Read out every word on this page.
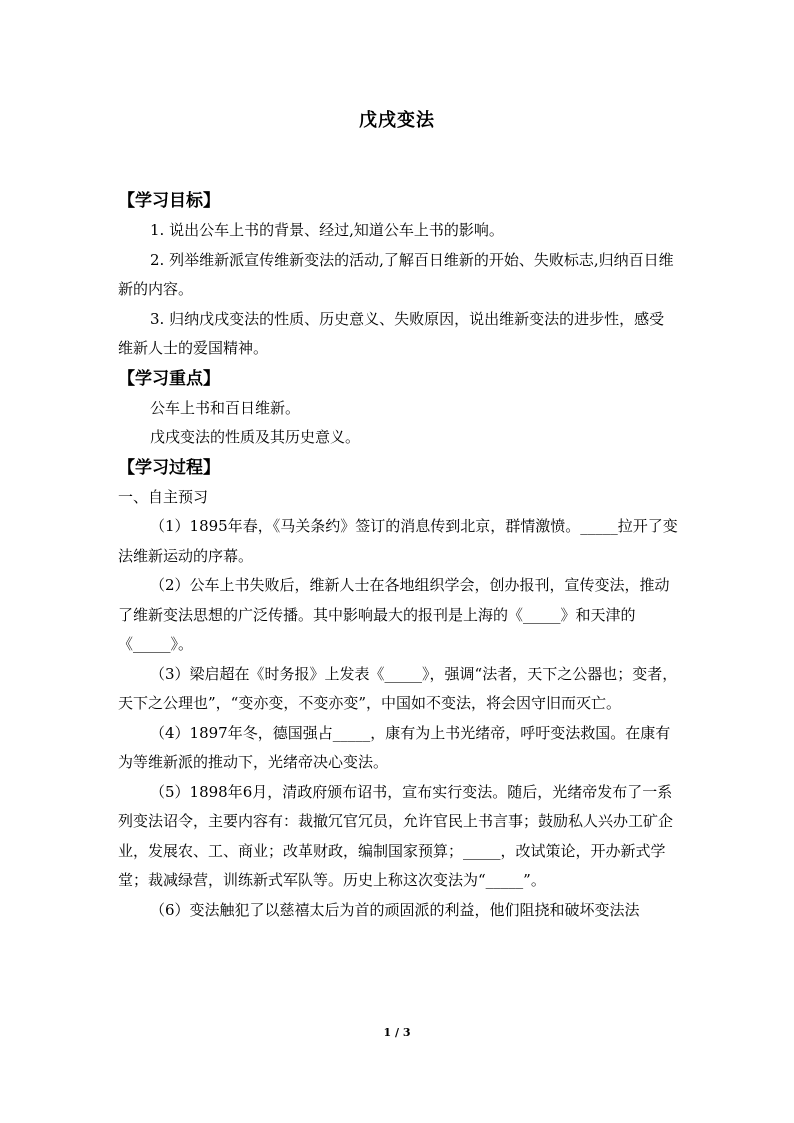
戊戌变法

【学习目标】

1. 说出公车上书的背景、经过,知道公车上书的影响。

2. 列举维新派宣传维新变法的活动,了解百日维新的开始、失败标志,归纳百日维新的内容。

3. 归纳戊戌变法的性质、历史意义、失败原因，说出维新变法的进步性，感受维新人士的爱国精神。

【学习重点】

公车上书和百日维新。

戊戌变法的性质及其历史意义。

【学习过程】

一、自主预习

（1）1895年春，《马关条约》签订的消息传到北京，群情激愤。_____拉开了变法维新运动的序幕。

（2）公车上书失败后，维新人士在各地组织学会，创办报刊，宣传变法，推动了维新变法思想的广泛传播。其中影响最大的报刊是上海的《_____》和天津的《_____》。

（3）梁启超在《时务报》上发表《_____》，强调“法者，天下之公器也；变者，天下之公理也”，“变亦变，不变亦变”，中国如不变法，将会因守旧而灭亡。

（4）1897年冬，德国强占_____，康有为上书光绪帝，呼吁变法救国。在康有为等维新派的推动下，光绪帝决心变法。

（5）1898年6月，清政府颁布诏书，宣布实行变法。随后，光绪帝发布了一系列变法诏令，主要内容有：裁撤冗官冗员，允许官民上书言事；鼓励私人兴办工矿企业，发展农、工、商业；改革财政，编制国家预算；_____，改试策论，开办新式学堂；裁减绿营，训练新式军队等。历史上称这次变法为“_____”。

（6）变法触犯了以慈禧太后为首的顽固派的利益，他们阻挠和破坏变法法

1 / 3
